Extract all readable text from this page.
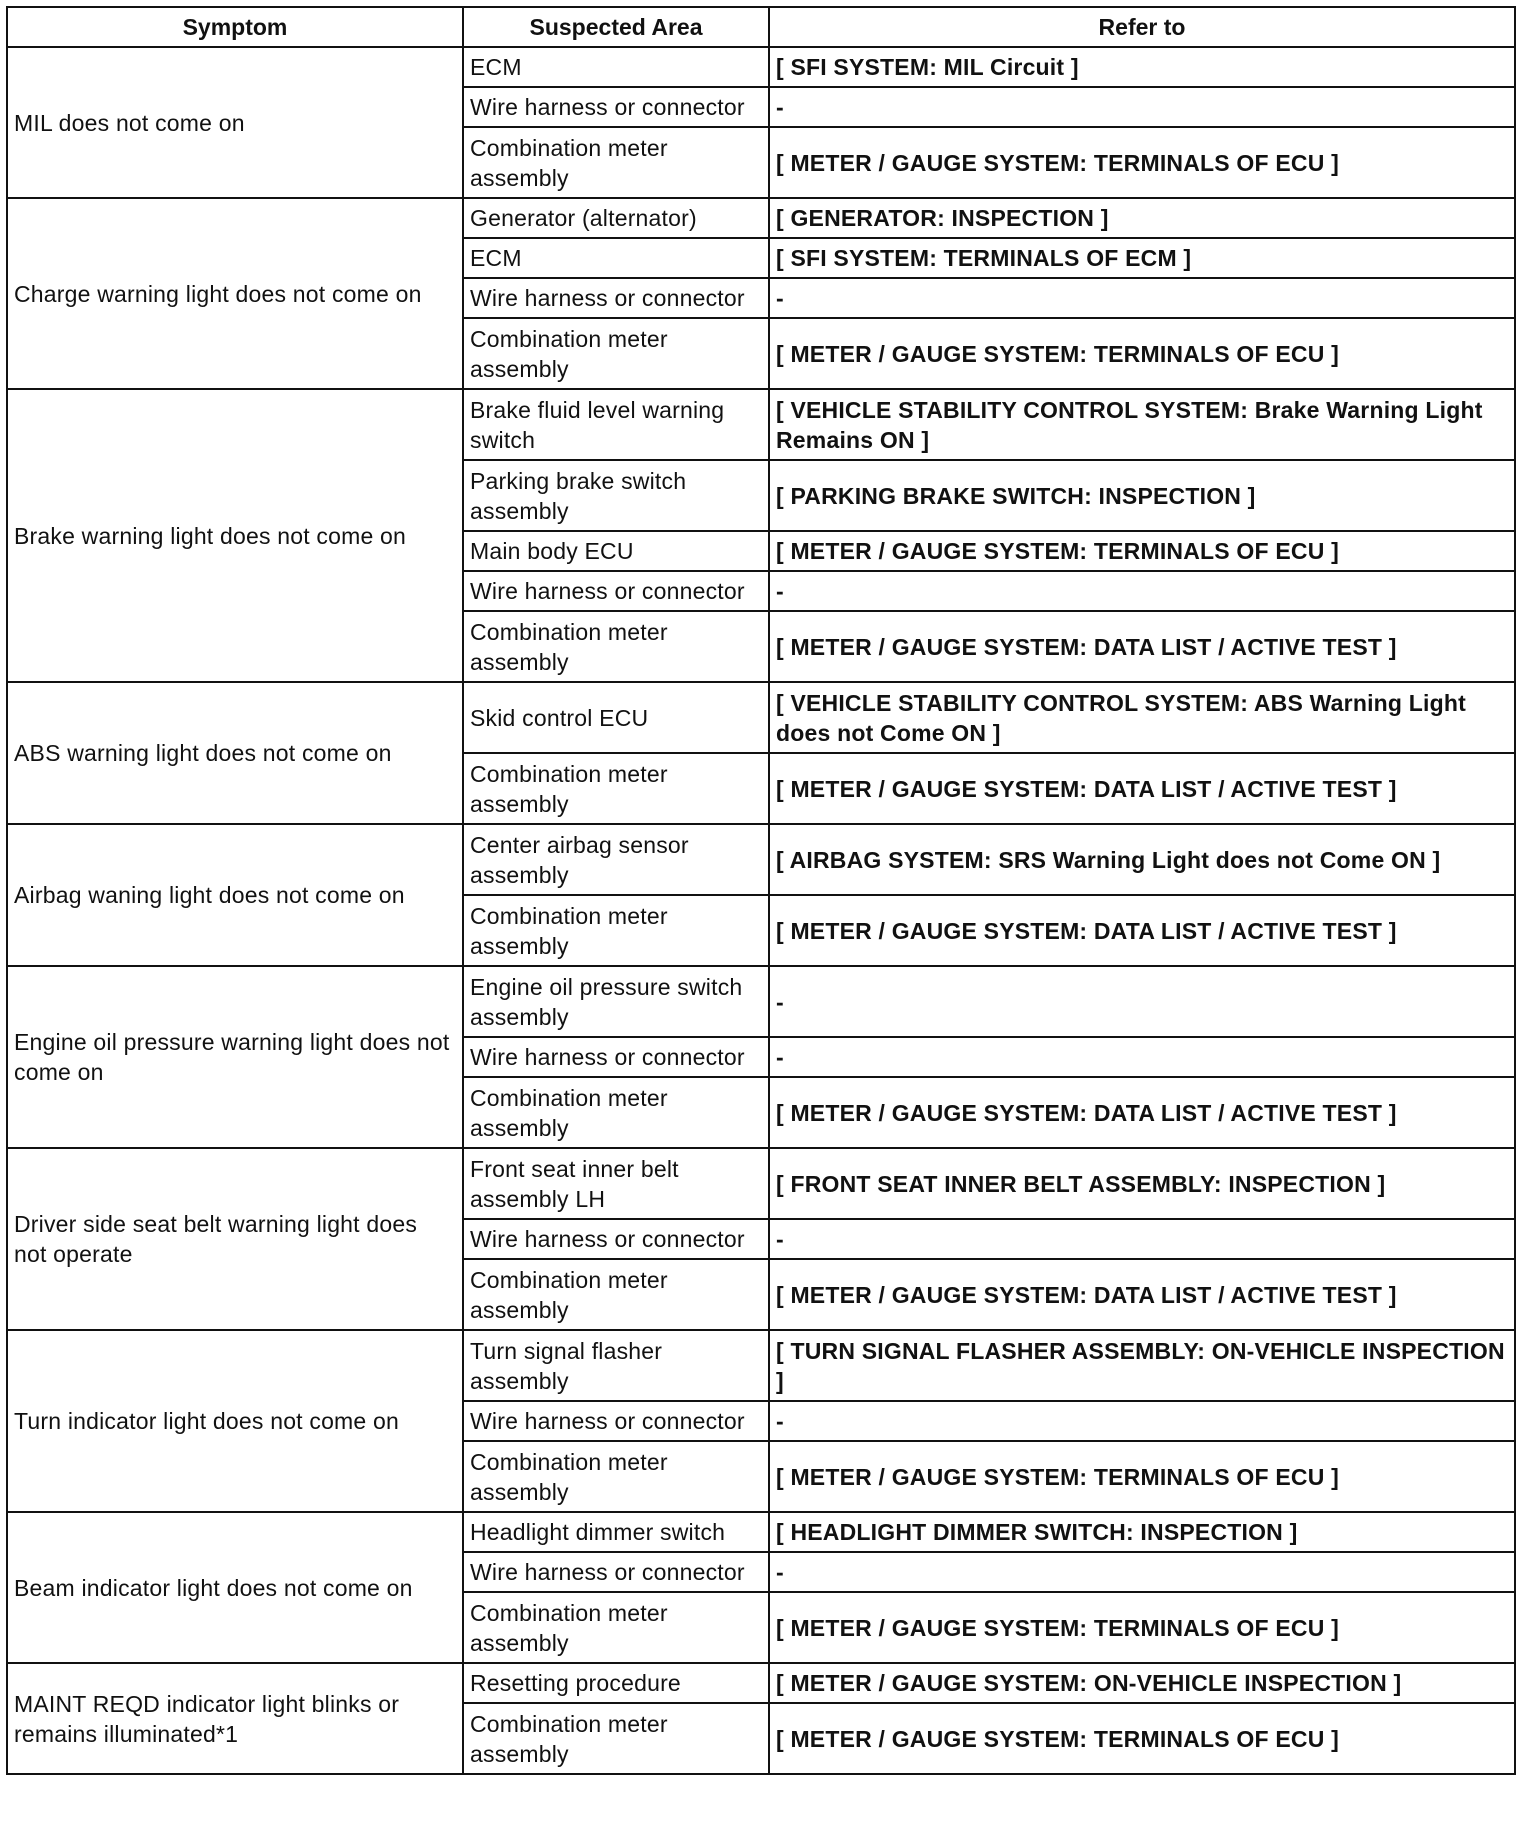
Symptom	Suspected Area	Refer to
MIL does not come on	ECM	[ SFI SYSTEM: MIL Circuit ]
	Wire harness or connector	-
	Combination meter assembly	[ METER / GAUGE SYSTEM: TERMINALS OF ECU ]
Charge warning light does not come on	Generator (alternator)	[ GENERATOR: INSPECTION ]
	ECM	[ SFI SYSTEM: TERMINALS OF ECM ]
	Wire harness or connector	-
	Combination meter assembly	[ METER / GAUGE SYSTEM: TERMINALS OF ECU ]
Brake warning light does not come on	Brake fluid level warning switch	[ VEHICLE STABILITY CONTROL SYSTEM: Brake Warning Light Remains ON ]
	Parking brake switch assembly	[ PARKING BRAKE SWITCH: INSPECTION ]
	Main body ECU	[ METER / GAUGE SYSTEM: TERMINALS OF ECU ]
	Wire harness or connector	-
	Combination meter assembly	[ METER / GAUGE SYSTEM: DATA LIST / ACTIVE TEST ]
ABS warning light does not come on	Skid control ECU	[ VEHICLE STABILITY CONTROL SYSTEM: ABS Warning Light does not Come ON ]
	Combination meter assembly	[ METER / GAUGE SYSTEM: DATA LIST / ACTIVE TEST ]
Airbag waning light does not come on	Center airbag sensor assembly	[ AIRBAG SYSTEM: SRS Warning Light does not Come ON ]
	Combination meter assembly	[ METER / GAUGE SYSTEM: DATA LIST / ACTIVE TEST ]
Engine oil pressure warning light does not come on	Engine oil pressure switch assembly	-
	Wire harness or connector	-
	Combination meter assembly	[ METER / GAUGE SYSTEM: DATA LIST / ACTIVE TEST ]
Driver side seat belt warning light does not operate	Front seat inner belt assembly LH	[ FRONT SEAT INNER BELT ASSEMBLY: INSPECTION ]
	Wire harness or connector	-
	Combination meter assembly	[ METER / GAUGE SYSTEM: DATA LIST / ACTIVE TEST ]
Turn indicator light does not come on	Turn signal flasher assembly	[ TURN SIGNAL FLASHER ASSEMBLY: ON-VEHICLE INSPECTION ]
	Wire harness or connector	-
	Combination meter assembly	[ METER / GAUGE SYSTEM: TERMINALS OF ECU ]
Beam indicator light does not come on	Headlight dimmer switch	[ HEADLIGHT DIMMER SWITCH: INSPECTION ]
	Wire harness or connector	-
	Combination meter assembly	[ METER / GAUGE SYSTEM: TERMINALS OF ECU ]
MAINT REQD indicator light blinks or remains illuminated*1	Resetting procedure	[ METER / GAUGE SYSTEM: ON-VEHICLE INSPECTION ]
	Combination meter assembly	[ METER / GAUGE SYSTEM: TERMINALS OF ECU ]
